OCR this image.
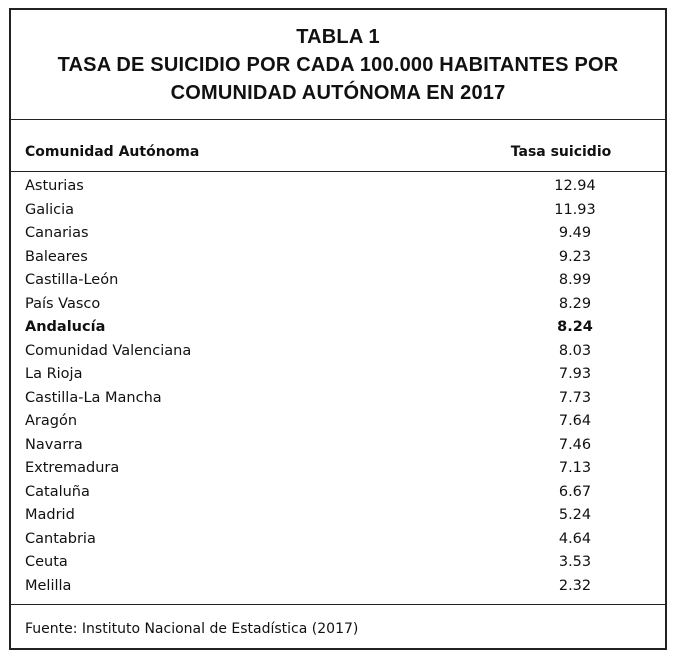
TABLA 1
TASA DE SUICIDIO POR CADA 100.000 HABITANTES POR
COMUNIDAD AUTÓNOMA EN 2017
Comunidad Autónoma	Tasa suicidio
Asturias	12.94
Galicia	11.93
Canarias	9.49
Baleares	9.23
Castilla-León	8.99
País Vasco	8.29
Andalucía	8.24
Comunidad Valenciana	8.03
La Rioja	7.93
Castilla-La Mancha	7.73
Aragón	7.64
Navarra	7.46
Extremadura	7.13
Cataluña	6.67
Madrid	5.24
Cantabria	4.64
Ceuta	3.53
Melilla	2.32
Fuente: Instituto Nacional de Estadística (2017)
